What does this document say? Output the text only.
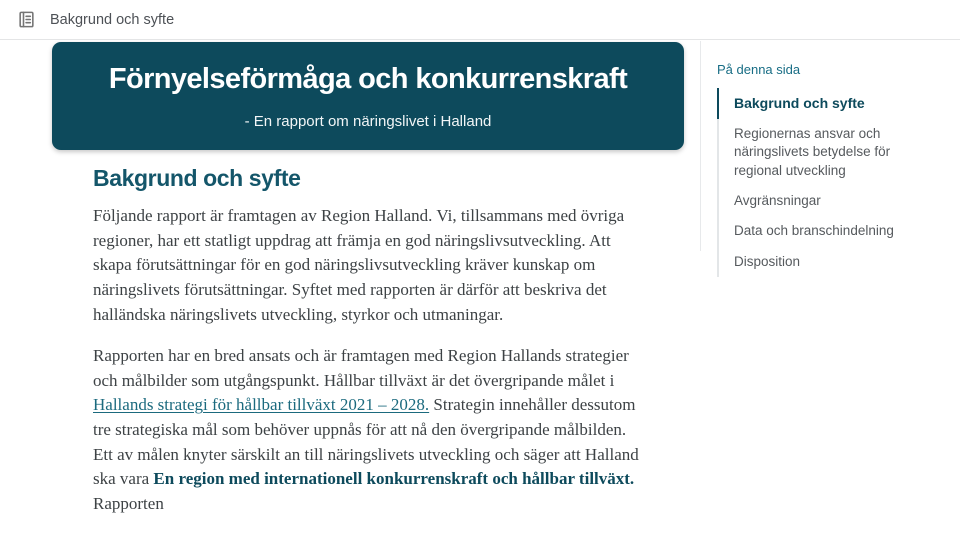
Bakgrund och syfte
Förnyelseförmåga och konkurrenskraft

- En rapport om näringslivet i Halland

Bakgrund och syfte

Följande rapport är framtagen av Region Halland. Vi, tillsammans med övriga regioner, har ett statligt uppdrag att främja en god näringslivsutveckling. Att skapa förutsättningar för en god näringslivsutveckling kräver kunskap om näringslivets förutsättningar. Syftet med rapporten är därför att beskriva det halländska näringslivets utveckling, styrkor och utmaningar.

Rapporten har en bred ansats och är framtagen med Region Hallands strategier och målbilder som utgångspunkt. Hållbar tillväxt är det övergripande målet i Hallands strategi för hållbar tillväxt 2021 – 2028. Strategin innehåller dessutom tre strategiska mål som behöver uppnås för att nå den övergripande målbilden. Ett av målen knyter särskilt an till näringslivets utveckling och säger att Halland ska vara En region med internationell konkurrenskraft och hållbar tillväxt. Rapporten

På denna sida
Bakgrund och syfte
Regionernas ansvar och näringslivets betydelse för regional utveckling
Avgränsningar
Data och branschindelning
Disposition
